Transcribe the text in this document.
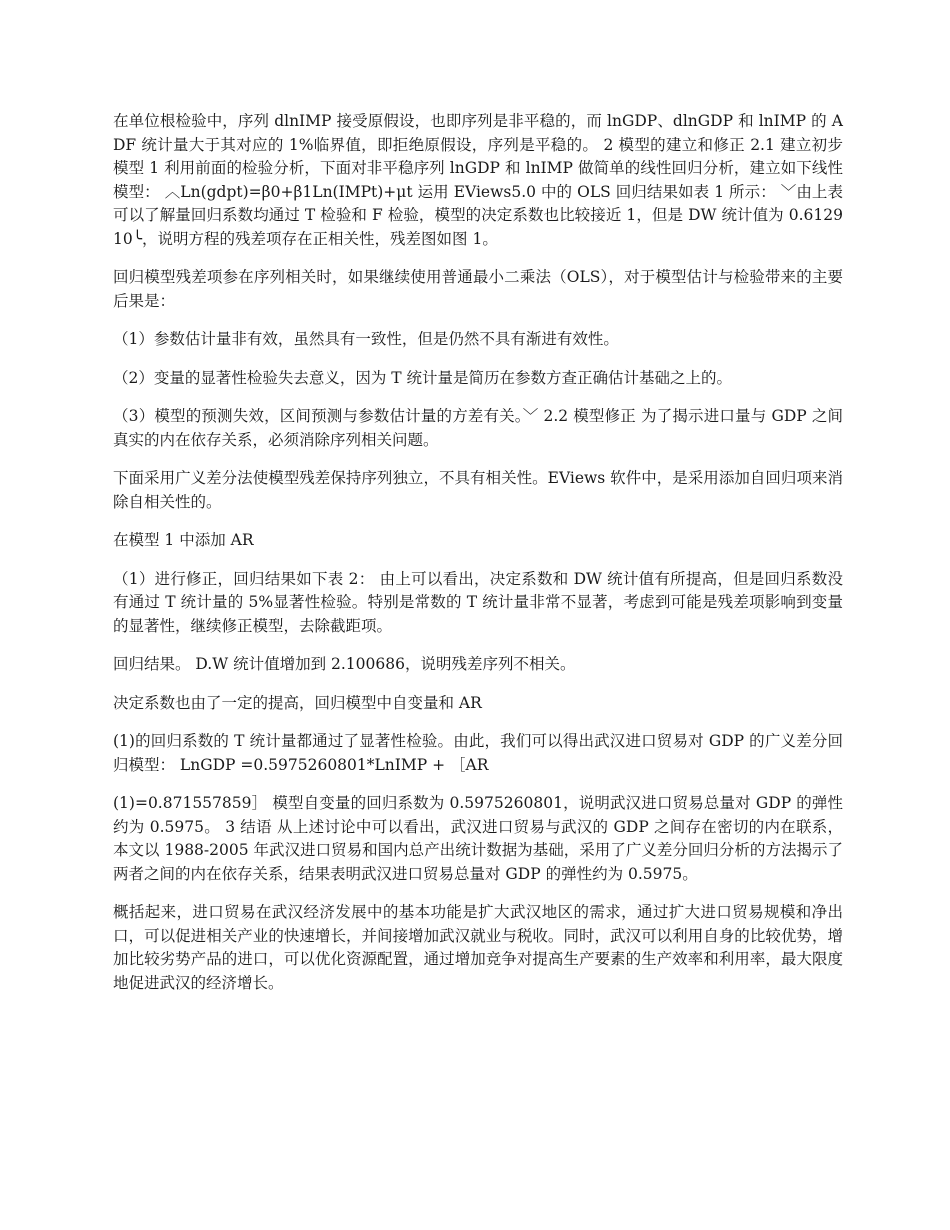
在单位根检验中，序列 dlnIMP 接受原假设，也即序列是非平稳的，而 lnGDP、dlnGDP 和 lnIMP 的 ADF 统计量大于其对应的 1%临界值，即拒绝原假设，序列是平稳的。 2 模型的建立和修正 2.1 建立初步模型 1 利用前面的检验分析，下面对非平稳序列 lnGDP 和 lnIMP 做简单的线性回归分析，建立如下线性模型： ︿Ln(gdpt)=β0+β1Ln(IMPt)+μt 运用 EViews5.0 中的 OLS 回归结果如表 1 所示： ﹀由上表可以了解量回归系数均通过 T 检验和 F 检验，模型的决定系数也比较接近 1，但是 DW 统计值为 0.612910╰，说明方程的残差项存在正相关性，残差图如图 1。

回归模型残差项参在序列相关时，如果继续使用普通最小二乘法（OLS），对于模型估计与检验带来的主要后果是：

（1）参数估计量非有效，虽然具有一致性，但是仍然不具有渐进有效性。

（2）变量的显著性检验失去意义，因为 T 统计量是简历在参数方查正确估计基础之上的。

（3）模型的预测失效，区间预测与参数估计量的方差有关。﹀ 2.2 模型修正 为了揭示进口量与 GDP 之间真实的内在依存关系，必须消除序列相关问题。

下面采用广义差分法使模型残差保持序列独立，不具有相关性。EViews 软件中，是采用添加自回归项来消除自相关性的。

在模型 1 中添加 AR

（1）进行修正，回归结果如下表 2： 由上可以看出，决定系数和 DW 统计值有所提高，但是回归系数没有通过 T 统计量的 5%显著性检验。特别是常数的 T 统计量非常不显著，考虑到可能是残差项影响到变量的显著性，继续修正模型，去除截距项。

回归结果。 D.W 统计值增加到 2.100686，说明残差序列不相关。

决定系数也由了一定的提高，回归模型中自变量和 AR

(1)的回归系数的 T 统计量都通过了显著性检验。由此，我们可以得出武汉进口贸易对 GDP 的广义差分回归模型： LnGDP =0.5975260801*LnIMP + ［AR

(1)=0.871557859］ 模型自变量的回归系数为 0.5975260801，说明武汉进口贸易总量对 GDP 的弹性约为 0.5975。 3 结语 从上述讨论中可以看出，武汉进口贸易与武汉的 GDP 之间存在密切的内在联系，本文以 1988-2005 年武汉进口贸易和国内总产出统计数据为基础，采用了广义差分回归分析的方法揭示了两者之间的内在依存关系，结果表明武汉进口贸易总量对 GDP 的弹性约为 0.5975。

概括起来，进口贸易在武汉经济发展中的基本功能是扩大武汉地区的需求，通过扩大进口贸易规模和净出口，可以促进相关产业的快速增长，并间接增加武汉就业与税收。同时，武汉可以利用自身的比较优势，增加比较劣势产品的进口，可以优化资源配置，通过增加竞争对提高生产要素的生产效率和利用率，最大限度地促进武汉的经济增长。
